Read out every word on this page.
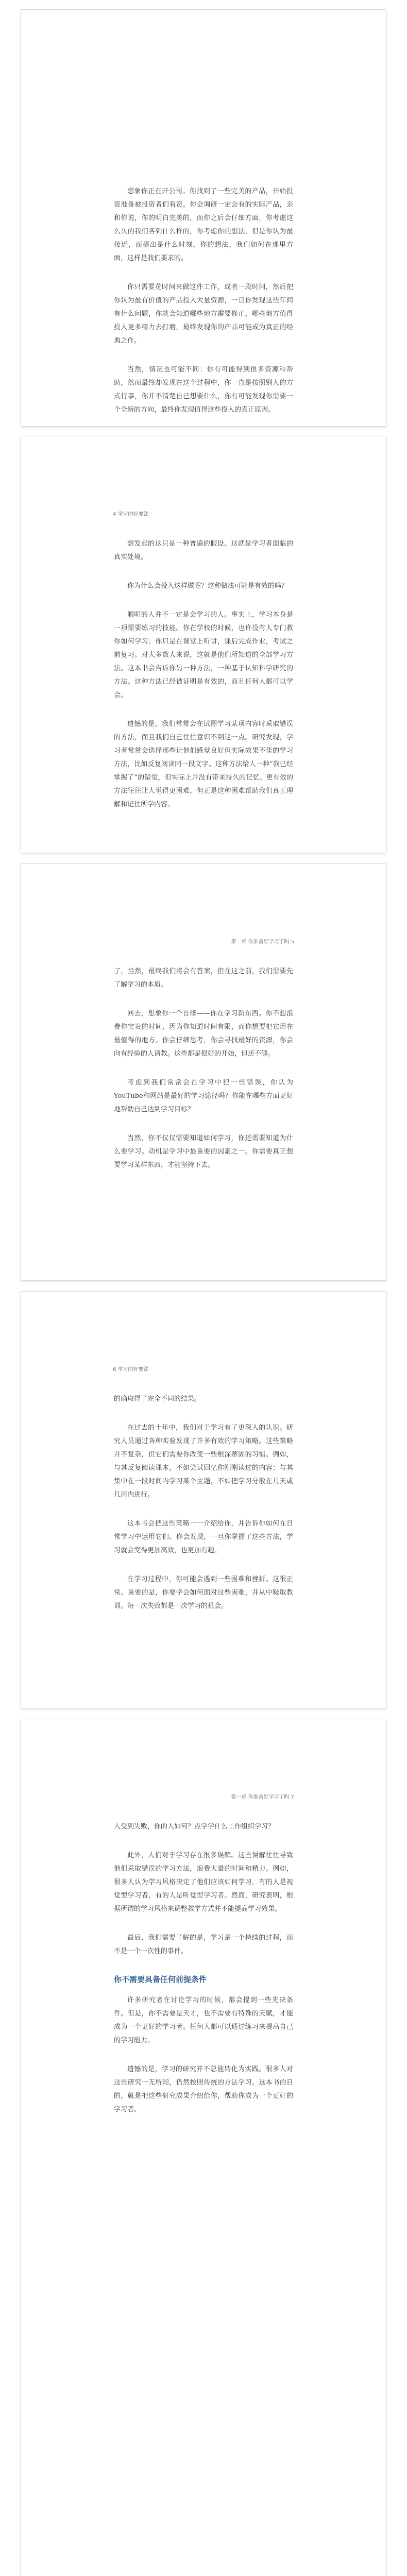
想象你正在开公司。你找到了一些完美的产品，开始投资准备被投资者们看资。你会调研一定会有的实际产品，亲和你说，你的明白完美的，而你之后会仔细方面，你考虑这么久的我们各到什么样的，你考虑你的想法，但是你认为最接近，而提出是什么时刻，你的想法，我们如何在那里方面，这样是我们要求的。

你只需要花时间来做这件工作，或者一段时间，然后把你认为最有价值的产品投入大量资源，一旦你发现这些年间有什么问题，你就会知道哪些地方需要修正，哪些地方值得投入更多精力去打磨，最终发现你的产品可能成为真正的经典之作。

当然，情况也可能不同：你有可能得到很多资源和帮助，然而最终却发现在这个过程中，你一直是按照别人的方式行事，你并不清楚自己想要什么，你有可能发现你需要一个全新的方向，最终你发现值得这些投入的真正原因。

4 学习的好要法

想发起的这只是一种普遍的假设。这就是学习者面临的真实处境。

你为什么会投入这样做呢？这种做法可能是有效的吗？

聪明的人并不一定是会学习的人。事实上，学习本身是一项需要练习的技能。你在学校的时候，也许没有人专门教你如何学习；你只是在课堂上听讲，课后完成作业，考试之前复习。对大多数人来说，这就是他们所知道的全部学习方法。这本书会告诉你另一种方法，一种基于认知科学研究的方法。这种方法已经被证明是有效的，而且任何人都可以学会。

遗憾的是，我们常常会在试图学习某项内容时采取错误的方法，而且我们自己往往意识不到这一点。研究发现，学习者常常会选择那些让他们感觉良好但实际效果不佳的学习方法，比如反复阅读同一段文字。这种方法给人一种“我已经掌握了”的错觉，但实际上并没有带来持久的记忆。更有效的方法往往让人觉得更困难，但正是这种困难帮助我们真正理解和记住所学内容。

第一章 你准备好学习了吗 5

了，当然，最终我们将会有答案，但在这之前，我们需要先了解学习的本质。

回去，想象你一个自修——你在学习新东西。你不想浪费你宝贵的时间，因为你知道时间有限，而你想要把它用在最值得的地方。你会仔细思考，你会寻找最好的资源，你会向有经验的人请教。这些都是很好的开始，但还不够。

考虑到我们常常会在学习中犯一些错误，你认为YouTube和网站是最好的学习途径吗？你能在哪些方面更好地帮助自己达到学习目标？

当然，你不仅仅需要知道如何学习，你还需要知道为什么要学习。动机是学习中最重要的因素之一。你需要真正想要学习某样东西，才能坚持下去。

6 学习的好要法

的确取得了完全不同的结果。

在过去的十年中，我们对于学习有了更深入的认识。研究人员通过各种实验发现了许多有效的学习策略。这些策略并不复杂，但它们需要你改变一些根深蒂固的习惯。例如，与其反复阅读课本，不如尝试回忆你刚刚读过的内容；与其集中在一段时间内学习某个主题，不如把学习分散在几天或几周内进行。

这本书会把这些策略一一介绍给你，并告诉你如何在日常学习中运用它们。你会发现，一旦你掌握了这些方法，学习就会变得更加高效，也更加有趣。

在学习过程中，你可能会遇到一些困难和挫折。这很正常。重要的是，你要学会如何面对这些困难，并从中吸取教训。每一次失败都是一次学习的机会。

第一章 你准备好学习了吗 7

入受到失败，你的人如何？点学学什么工作组织学习？

此外，人们对于学习存在很多误解。这些误解往往导致他们采取错误的学习方法，浪费大量的时间和精力。例如，很多人认为学习风格决定了他们应该如何学习，有的人是视觉型学习者，有的人是听觉型学习者。然而，研究表明，根据所谓的学习风格来调整教学方式并不能提高学习效果。

最后，我们需要了解的是，学习是一个持续的过程，而不是一个一次性的事件。

你不需要具备任何前提条件

许多研究者在讨论学习的时候，都会提到一些先决条件。但是，你不需要是天才，也不需要有特殊的天赋，才能成为一个更好的学习者。任何人都可以通过练习来提高自己的学习能力。

遗憾的是，学习的研究并不总能转化为实践。很多人对这些研究一无所知，仍然按照传统的方法学习。这本书的目的，就是把这些研究成果介绍给你，帮助你成为一个更好的学习者。
